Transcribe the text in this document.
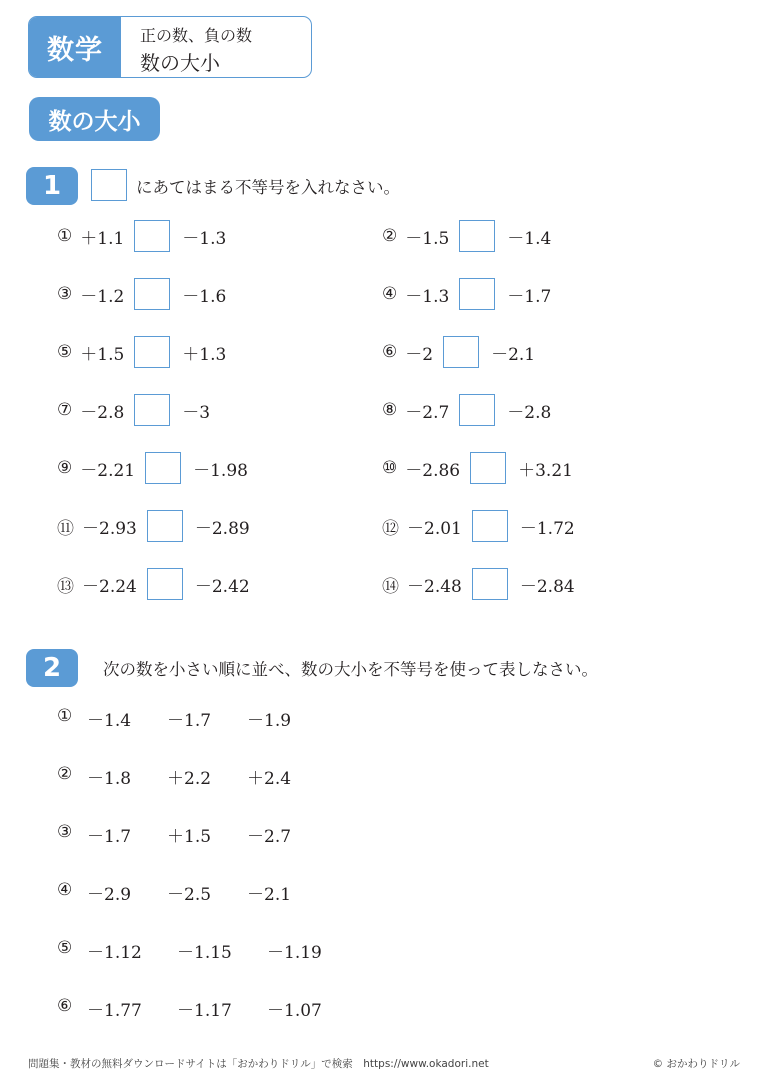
数学	正の数、負の数
数の大小
数の大小
1	にあてはまる不等号を入れなさい。
① ＋1.1	－1.3	② －1.5	－1.4
③ －1.2	－1.6	④ －1.3	－1.7
⑤ ＋1.5	＋1.3	⑥ －2	－2.1
⑦ －2.8	－3	⑧ －2.7	－2.8
⑨ －2.21	－1.98	⑩ －2.86	＋3.21
⑪ －2.93	－2.89	⑫ －2.01	－1.72
⑬ －2.24	－2.42	⑭ －2.48	－2.84
2	次の数を小さい順に並べ、数の大小を不等号を使って表しなさい。
① －1.4 －1.7 －1.9
② －1.8 ＋2.2 ＋2.4
③ －1.7 ＋1.5 －2.7
④ －2.9 －2.5 －2.1
⑤ －1.12 －1.15 －1.19
⑥ －1.77 －1.17 －1.07
問題集・教材の無料ダウンロードサイトは「おかわりドリル」で検索　https://www.okadori.net	© おかわりドリル
